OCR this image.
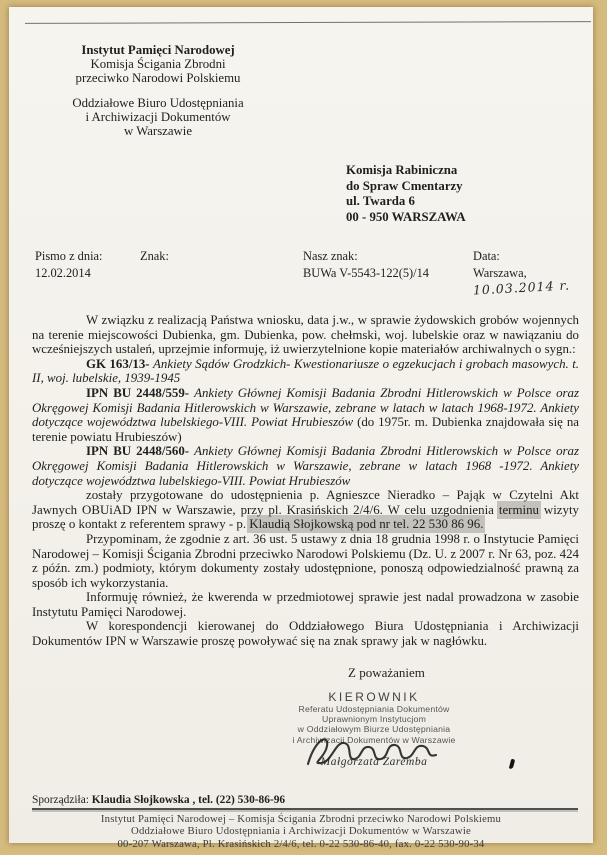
Instytut Pamięci Narodowej
Komisja Ścigania Zbrodni
przeciwko Narodowi Polskiemu
Oddziałowe Biuro Udostępniania
i Archiwizacji Dokumentów
w Warszawie
Komisja Rabiniczna
do Spraw Cmentarzy
ul. Twarda 6
00 - 950 WARSZAWA
Pismo z dnia:
12.02.2014
Znak:	Nasz znak:
BUWa V-5543-122(5)/14
Data:
Warszawa,10.03.2014 r.

W związku z realizacją Państwa wniosku, data j.w., w sprawie żydowskich grobów wojennych na terenie miejscowości Dubienka, gm. Dubienka, pow. chełmski, woj. lubelskie oraz w nawiązaniu do wcześniejszych ustaleń, uprzejmie informuję, iż uwierzytelnione kopie materiałów archiwalnych o sygn.:

GK 163/13- Ankiety Sądów Grodzkich- Kwestionariusze o egzekucjach i grobach masowych. t. II, woj. lubelskie, 1939-1945

IPN BU 2448/559- Ankiety Głównej Komisji Badania Zbrodni Hitlerowskich w Polsce oraz Okręgowej Komisji Badania Hitlerowskich w Warszawie, zebrane w latach w latach 1968-1972. Ankiety dotyczące województwa lubelskiego-VIII. Powiat Hrubieszów (do 1975r. m. Dubienka znajdowała się na terenie powiatu Hrubieszów)

IPN BU 2448/560- Ankiety Głównej Komisji Badania Zbrodni Hitlerowskich w Polsce oraz Okręgowej Komisji Badania Hitlerowskich w Warszawie, zebrane w latach 1968 -1972. Ankiety dotyczące województwa lubelskiego-VIII. Powiat Hrubieszów

zostały przygotowane do udostępnienia p. Agnieszce Nieradko – Pająk w Czytelni Akt Jawnych OBUiAD IPN w Warszawie, przy pl. Krasińskich 2/4/6. W celu uzgodnienia terminu wizyty proszę o kontakt z referentem sprawy - p. Klaudią Słojkowską pod nr tel. 22 530 86 96.

Przypominam, że zgodnie z art. 36 ust. 5 ustawy z dnia 18 grudnia 1998 r. o Instytucie Pamięci Narodowej – Komisji Ścigania Zbrodni przeciwko Narodowi Polskiemu (Dz. U. z 2007 r. Nr 63, poz. 424 z późn. zm.) podmioty, którym dokumenty zostały udostępnione, ponoszą odpowiedzialność prawną za sposób ich wykorzystania.

Informuję również, że kwerenda w przedmiotowej sprawie jest nadal prowadzona w zasobie Instytutu Pamięci Narodowej.

W korespondencji kierowanej do Oddziałowego Biura Udostępniania i Archiwizacji Dokumentów IPN w Warszawie proszę powoływać się na znak sprawy jak w nagłówku.

Z poważaniem
KIEROWNIK
Referatu Udostępniania Dokumentów
Uprawnionym Instytucjom
w Oddziałowym Biurze Udostępniania
i Archiwizacji Dokumentów w Warszawie
Małgorzata Zaremba
Sporządziła: Klaudia Słojkowska , tel. (22) 530-86-96
Instytut Pamięci Narodowej – Komisja Ścigania Zbrodni przeciwko Narodowi Polskiemu
Oddziałowe Biuro Udostępniania i Archiwizacji Dokumentów w Warszawie
00-207 Warszawa, Pl. Krasińskich 2/4/6, tel. 0-22 530-86-40, fax. 0-22 530-90-34
